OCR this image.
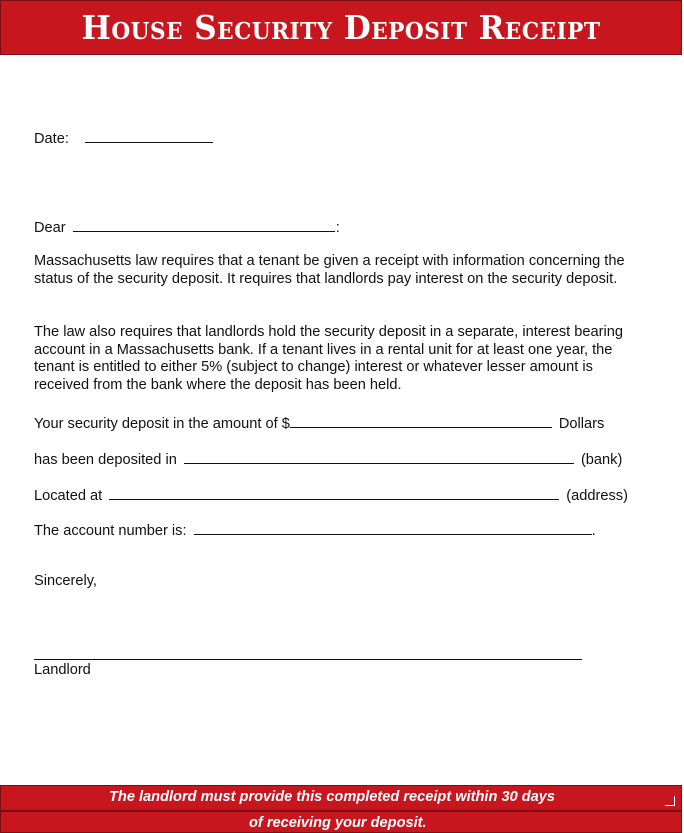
House Security Deposit Receipt
Date:
Dear	:
Massachusetts law requires that a tenant be given a receipt with information concerning the status of the security deposit. It requires that landlords pay interest on the security deposit.
The law also requires that landlords hold the security deposit in a separate, interest bearing account in a Massachusetts bank. If a tenant lives in a rental unit for at least one year, the tenant is entitled to either 5% (subject to change) interest or whatever lesser amount is received from the bank where the deposit has been held.
Your security deposit in the amount of $	Dollars
has been deposited in	(bank)
Located at	(address)
The account number is:	.
Sincerely,
Landlord
The landlord must provide this completed receipt within 30 days
of receiving your deposit.
